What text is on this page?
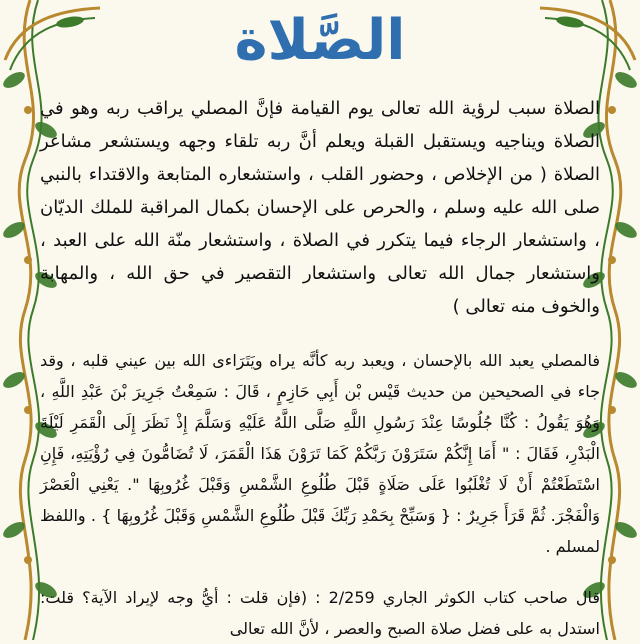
الصَّلاة

الصلاة سبب لرؤية الله تعالى يوم القيامة فإنَّ المصلي يراقب ربه وهو في الصلاة ويناجيه ويستقبل القبلة ويعلم أنَّ ربه تلقاء وجهه ويستشعر مشاعر الصلاة ( من الإخلاص ، وحضور القلب ، واستشعاره المتابعة والاقتداء بالنبي صلى الله عليه وسلم ، والحرص على الإحسان بكمال المراقبة للملك الديّان ، واستشعار الرجاء فيما يتكرر في الصلاة ، واستشعار منّة الله على العبد ، واستشعار جمال الله تعالى واستشعار التقصير في حق الله ، والمهابة والخوف منه تعالى )

فالمصلي يعبد الله بالإحسان ، ويعبد ربه كأنَّه يراه ويَتَرَاءى الله بين عيني قلبه ، وقد جاء في الصحيحين من حديث قَيْس بْن أَبِي حَازِمٍ ، قَالَ : سَمِعْتُ جَرِيرَ بْنَ عَبْدِ اللَّهِ ، وَهُوَ يَقُولُ : كُنَّا جُلُوسًا عِنْدَ رَسُولِ اللَّهِ صَلَّى اللَّهُ عَلَيْهِ وَسَلَّمَ إِذْ نَظَرَ إِلَى الْقَمَرِ لَيْلَةَ الْبَدْرِ، فَقَالَ : " أَمَا إِنَّكُمْ سَتَرَوْنَ رَبَّكُمْ كَمَا تَرَوْنَ هَذَا الْقَمَرَ، لَا تُضَامُّونَ فِي رُؤْيَتِهِ، فَإِنِ اسْتَطَعْتُمْ أَنْ لَا تُغْلَبُوا عَلَى صَلَاةٍ قَبْلَ طُلُوعِ الشَّمْسِ وَقَبْلَ غُرُوبِهَا ". يَعْنِي الْعَصْرَ وَالْفَجْرَ. ثُمَّ قَرَأَ جَرِيرٌ : { وَسَبِّحْ بِحَمْدِ رَبِّكَ قَبْلَ طُلُوعِ الشَّمْسِ وَقَبْلَ غُرُوبِهَا } . واللفظ لمسلم .

قال صاحب كتاب الكوثر الجاري 2/259 : (فإن قلت : أيُّ وجه لإيراد الآية؟ قلت: استدل به على فضل صلاة الصبح والعصر ، لأنَّ الله تعالى
